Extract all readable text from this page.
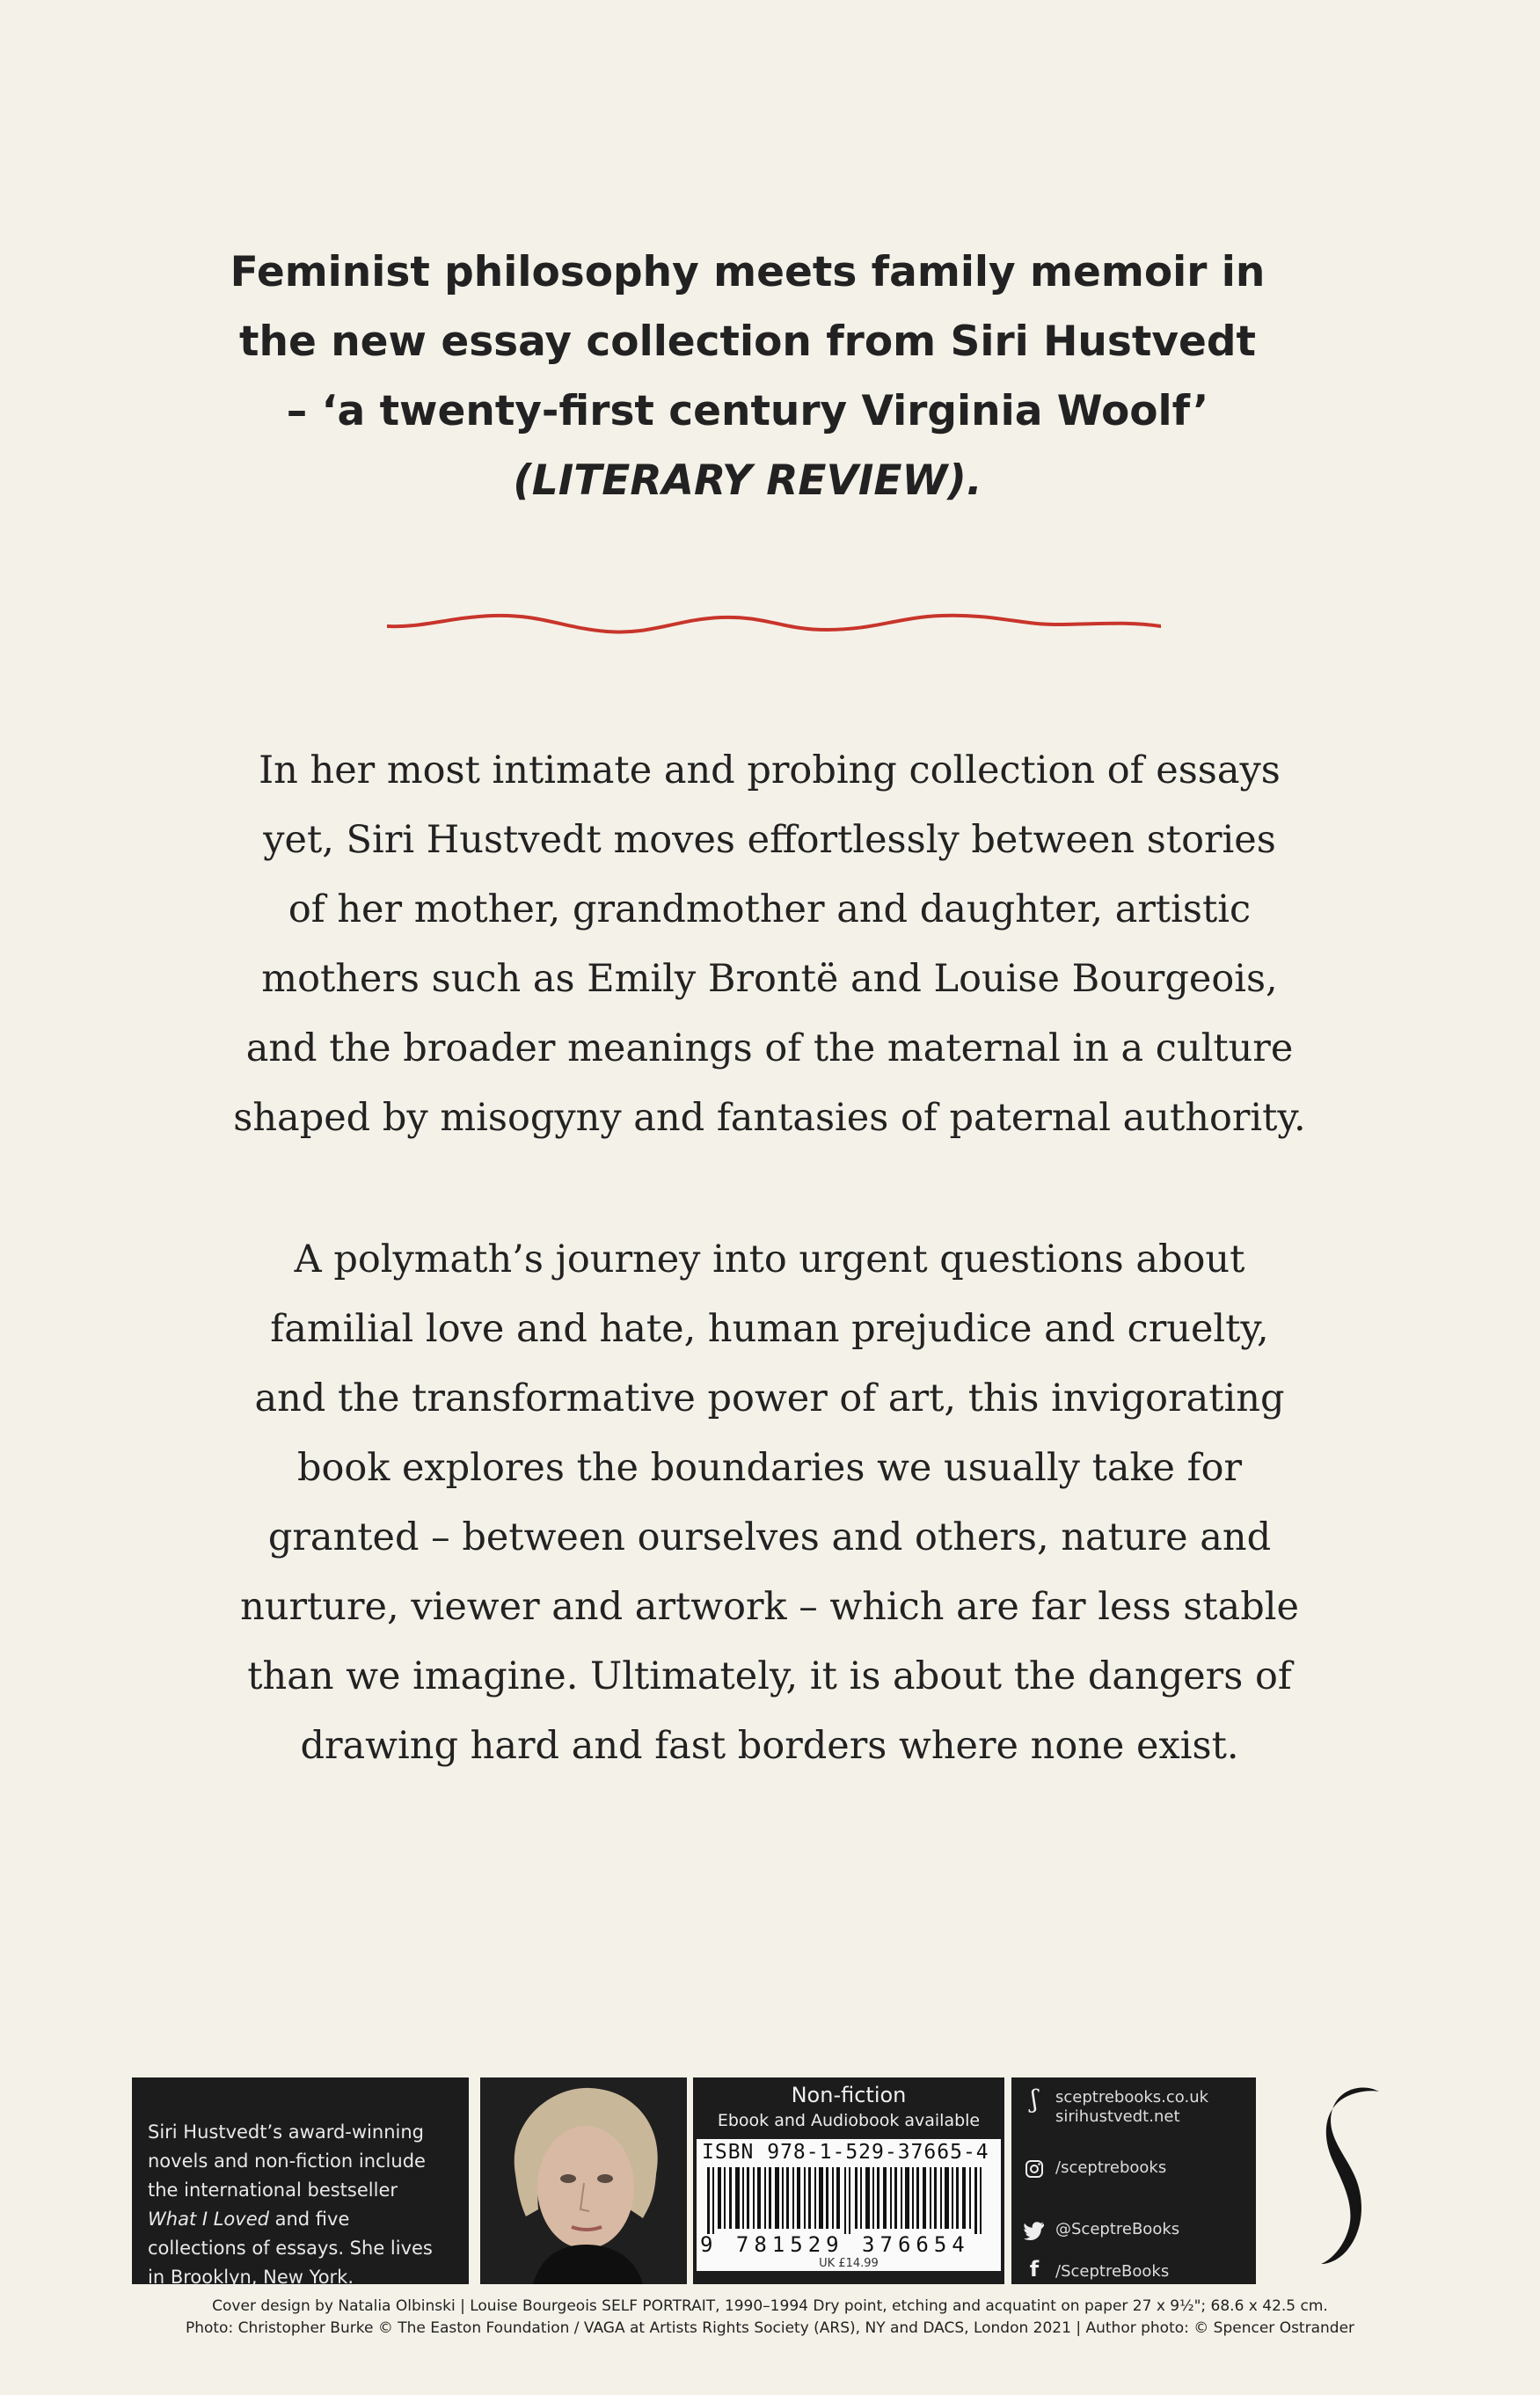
Feminist philosophy meets family memoir in
the new essay collection from Siri Hustvedt
– ‘a twenty-first century Virginia Woolf’
(LITERARY REVIEW).
In her most intimate and probing collection of essays
yet, Siri Hustvedt moves effortlessly between stories
of her mother, grandmother and daughter, artistic
mothers such as Emily Brontë and Louise Bourgeois,
and the broader meanings of the maternal in a culture
shaped by misogyny and fantasies of paternal authority.
A polymath’s journey into urgent questions about
familial love and hate, human prejudice and cruelty,
and the transformative power of art, this invigorating
book explores the boundaries we usually take for
granted – between ourselves and others, nature and
nurture, viewer and artwork – which are far less stable
than we imagine. Ultimately, it is about the dangers of
drawing hard and fast borders where none exist.
Siri Hustvedt’s award-winning
novels and non-fiction include
the international bestseller
What I Loved and five
collections of essays. She lives
in Brooklyn, New York.
Non-fiction
Ebook and Audiobook available
ISBN 978-1-529-37665-4
9 781529 376654
UK £14.99
ʃ	sceptrebooks.co.uk
sirihustvedt.net
/sceptrebooks
@SceptreBooks
f	/SceptreBooks
Cover design by Natalia Olbinski | Louise Bourgeois SELF PORTRAIT, 1990–1994 Dry point, etching and acquatint on paper 27 x 9½"; 68.6 x 42.5 cm.
Photo: Christopher Burke © The Easton Foundation / VAGA at Artists Rights Society (ARS), NY and DACS, London 2021 | Author photo: © Spencer Ostrander
